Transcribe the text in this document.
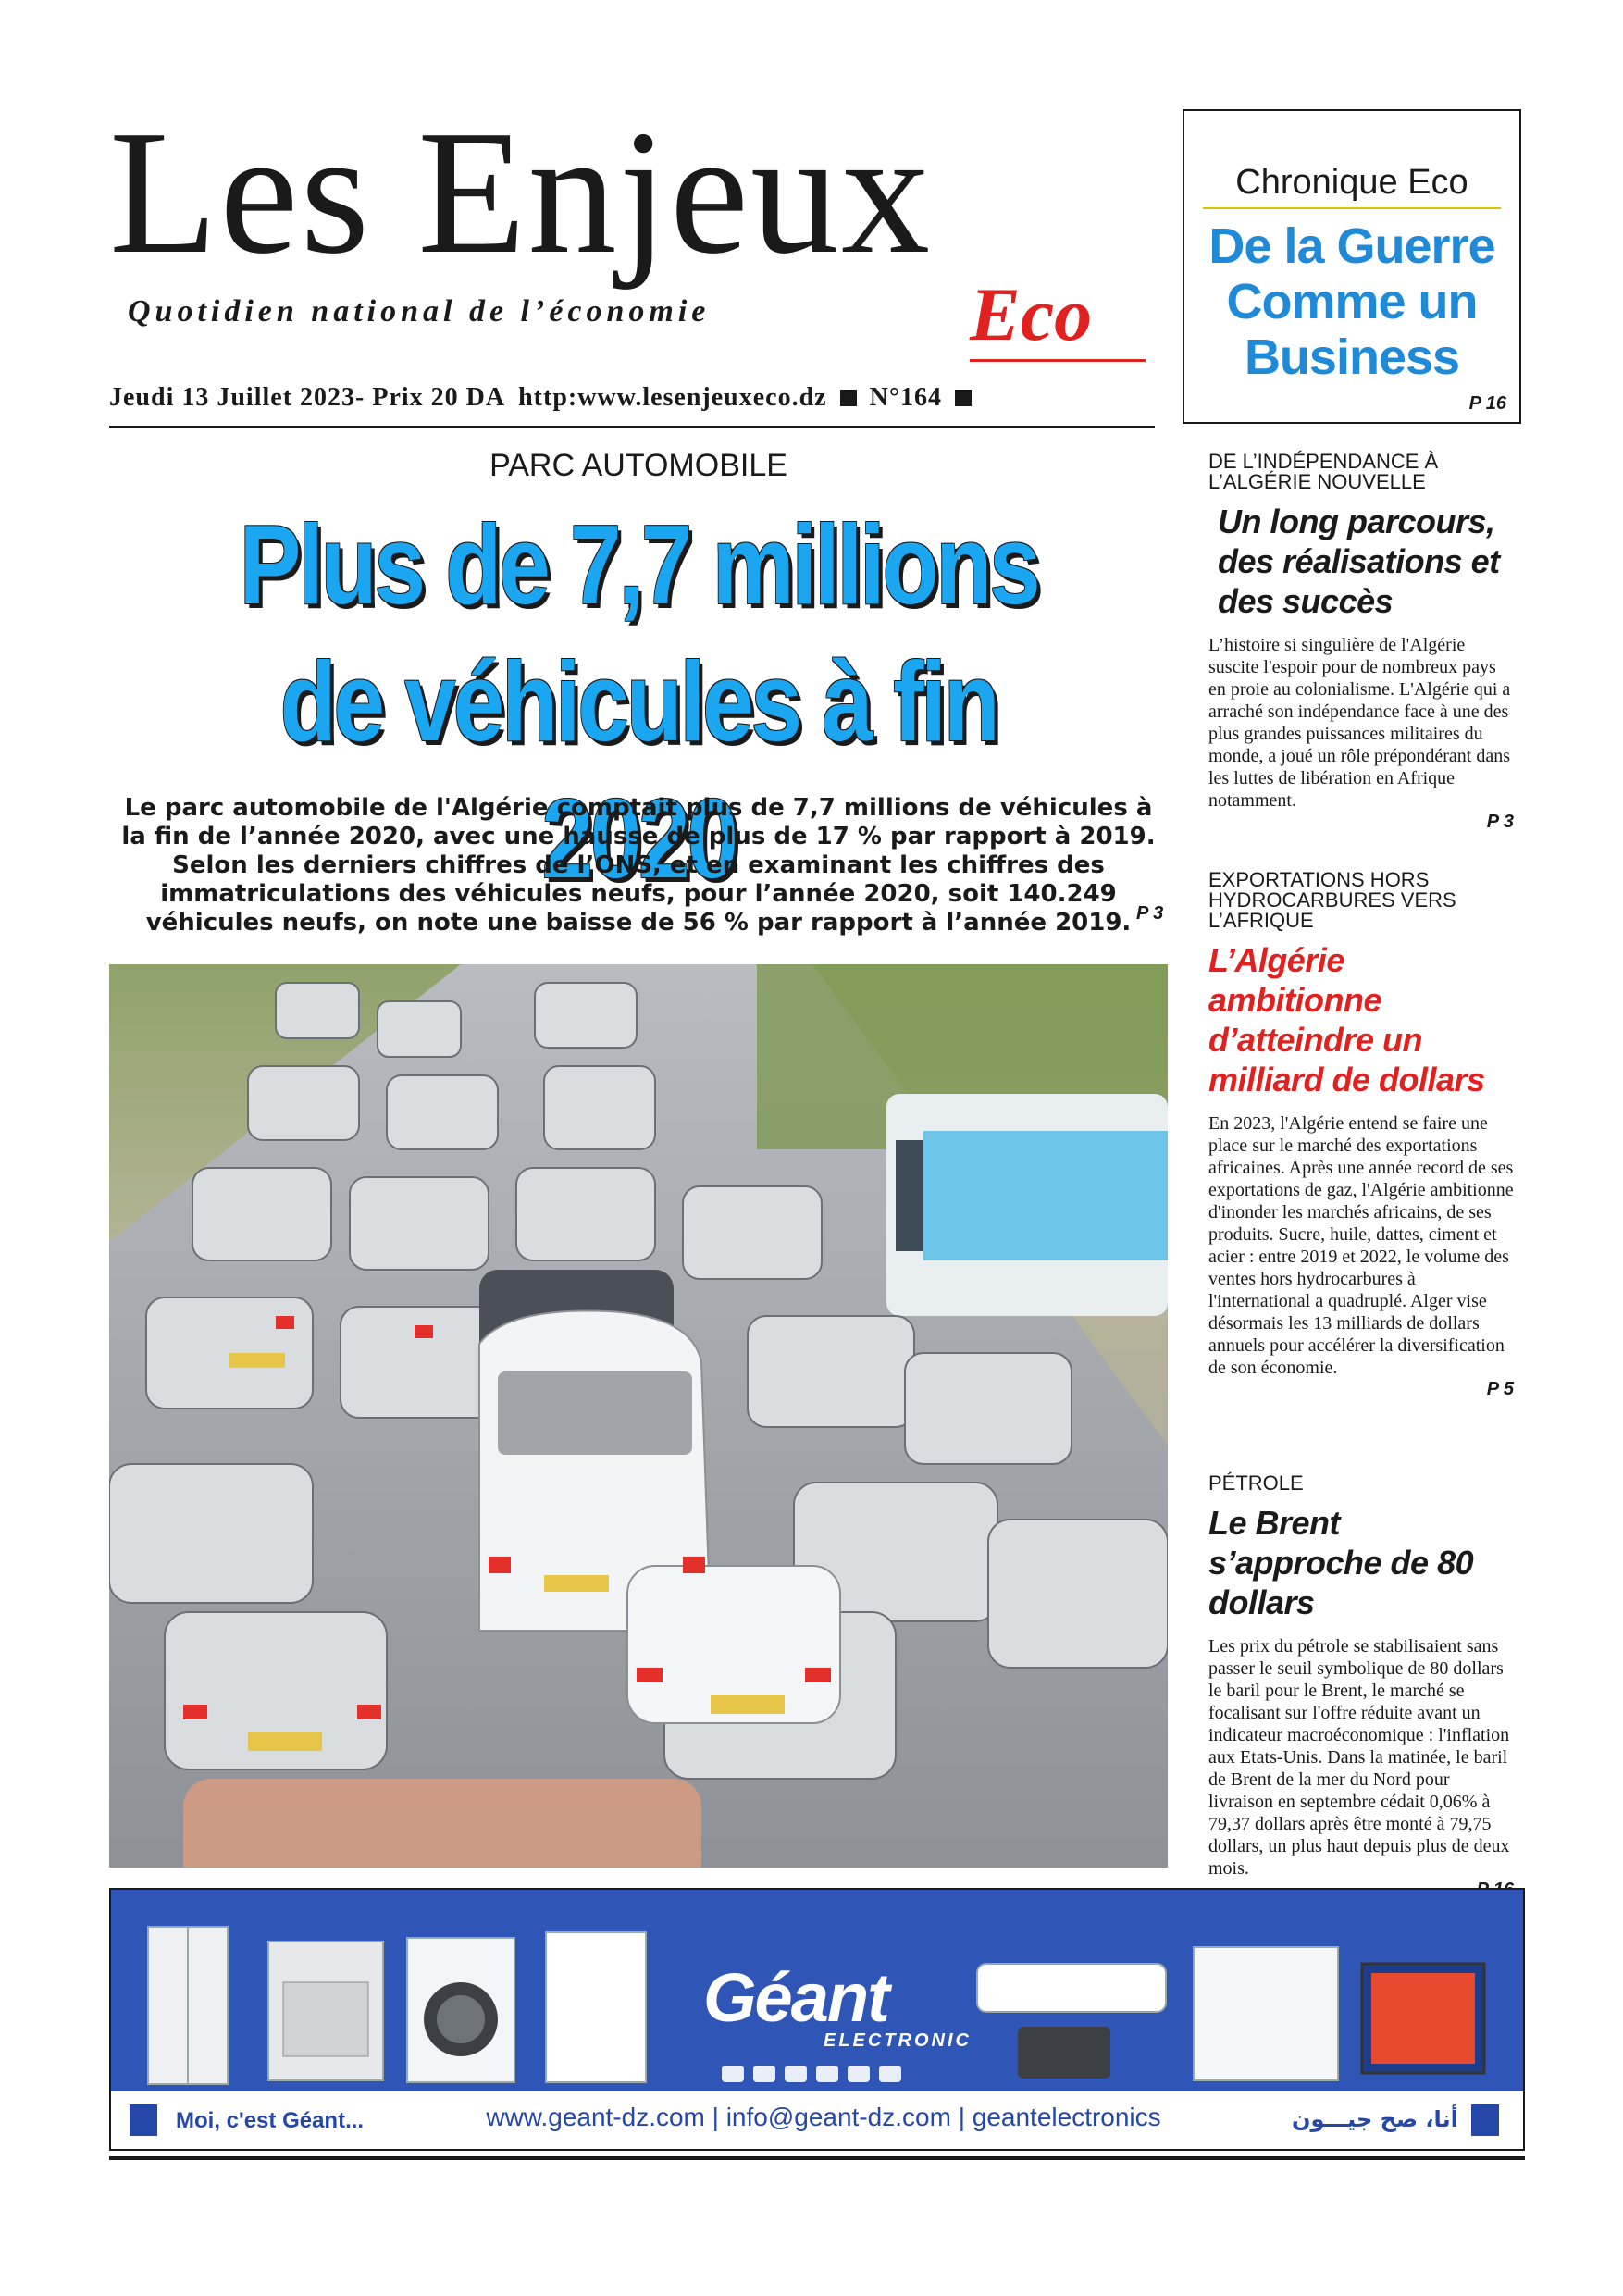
Les Enjeux
Quotidien national de l’économie	Eco
Jeudi 13 Juillet 2023- Prix 20 DA http:www.lesenjeuxeco.dz N°164
Chronique Eco
De la Guerre Comme un Business
P 16
PARC AUTOMOBILE
Plus de 7,7 millions
de véhicules à fin 2020
Le parc automobile de l'Algérie comptait plus de 7,7 millions de véhicules à la fin de l’année 2020, avec une hausse de plus de 17 % par rapport à 2019. Selon les derniers chiffres de l’ONS, et en examinant les chiffres des immatriculations des véhicules neufs, pour l’année 2020, soit 140.249 véhicules neufs, on note une baisse de 56 % par rapport à l’année 2019. P 3
DE L’INDÉPENDANCE À L’ALGÉRIE NOUVELLE
Un long parcours, des réalisations et des succès
L’histoire si singulière de l'Algérie suscite l'espoir pour de nombreux pays en proie au colonialisme. L'Algérie qui a arraché son indépendance face à une des plus grandes puissances militaires du monde, a joué un rôle prépondérant dans les luttes de libération en Afrique notamment.
P 3
EXPORTATIONS HORS HYDROCARBURES VERS L’AFRIQUE
L’Algérie ambitionne d’atteindre un milliard de dollars
En 2023, l'Algérie entend se faire une place sur le marché des exportations africaines. Après une année record de ses exportations de gaz, l'Algérie ambitionne d'inonder les marchés africains, de ses produits. Sucre, huile, dattes, ciment et acier : entre 2019 et 2022, le volume des ventes hors hydrocarbures à l'international a quadruplé. Alger vise désormais les 13 milliards de dollars annuels pour accélérer la diversification de son économie.
P 5
PÉTROLE
Le Brent s’approche de 80 dollars
Les prix du pétrole se stabilisaient sans passer le seuil symbolique de 80 dollars le baril pour le Brent, le marché se focalisant sur l'offre réduite avant un indicateur macroéconomique : l'inflation aux Etats-Unis. Dans la matinée, le baril de Brent de la mer du Nord pour livraison en septembre cédait 0,06% à 79,37 dollars après être monté à 79,75 dollars, un plus haut depuis plus de deux mois.
Géant
ELECTRONIC
Moi, c'est Géant...	www.geant-dz.com | info@geant-dz.com | geantelectronics	أنا، صح جيـــون
